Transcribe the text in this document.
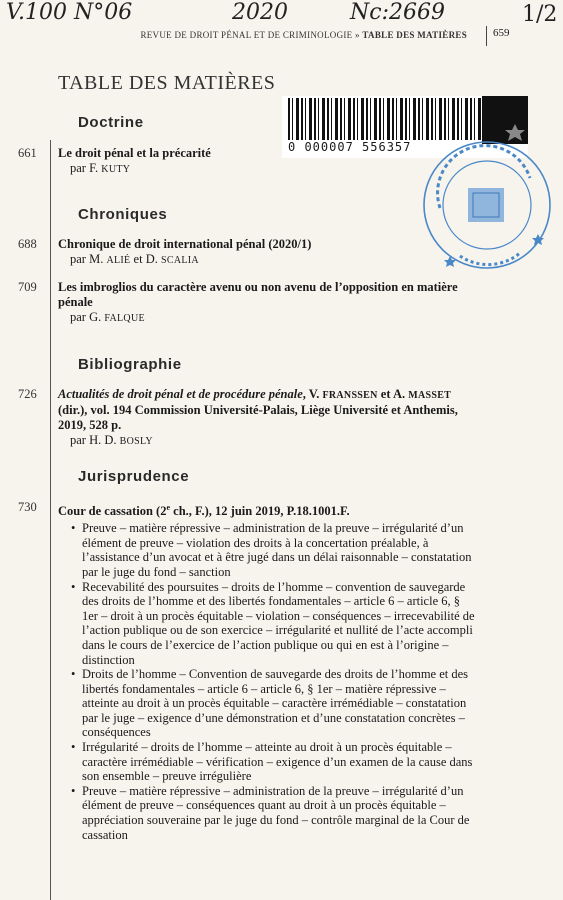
V.100 N°06	2020	Nc:2669	1/2
REVUE DE DROIT PÉNAL ET DE CRIMINOLOGIE » TABLE DES MATIÈRES	659
0 000007 556357
TABLE DES MATIÈRES
Doctrine
661 Le droit pénal et la précarité
par F. KUTY
Chroniques
688 Chronique de droit international pénal (2020/1)
par M. ALIÉ et D. SCALIA
709 Les imbroglios du caractère avenu ou non avenu de l’opposition en matière pénale
par G. FALQUE
Bibliographie
726 Actualités de droit pénal et de procédure pénale, V. FRANSSEN et A. MASSET (dir.), vol. 194 Commission Université-Palais, Liège Université et Anthemis, 2019, 528 p.
par H. D. BOSLY
Jurisprudence
730 Cour de cassation (2e ch., F.), 12 juin 2019, P.18.1001.F.
• Preuve – matière répressive – administration de la preuve – irrégularité d’un élément de preuve – violation des droits à la concertation préalable, à l’assistance d’un avocat et à être jugé dans un délai raisonnable – constatation par le juge du fond – sanction
• Recevabilité des poursuites – droits de l’homme – convention de sauvegarde des droits de l’homme et des libertés fondamentales – article 6 – article 6, § 1er – droit à un procès équitable – violation – conséquences – irrecevabilité de l’action publique ou de son exercice – irrégularité et nullité de l’acte accompli dans le cours de l’exercice de l’action publique ou qui en est à l’origine – distinction
• Droits de l’homme – Convention de sauvegarde des droits de l’homme et des libertés fondamentales – article 6 – article 6, § 1er – matière répressive – atteinte au droit à un procès équitable – caractère irrémédiable – constatation par le juge – exigence d’une démonstration et d’une constatation concrètes – conséquences
• Irrégularité – droits de l’homme – atteinte au droit à un procès équitable – caractère irrémédiable – vérification – exigence d’un examen de la cause dans son ensemble – preuve irrégulière
• Preuve – matière répressive – administration de la preuve – irrégularité d’un élément de preuve – conséquences quant au droit à un procès équitable – appréciation souveraine par le juge du fond – contrôle marginal de la Cour de cassation
